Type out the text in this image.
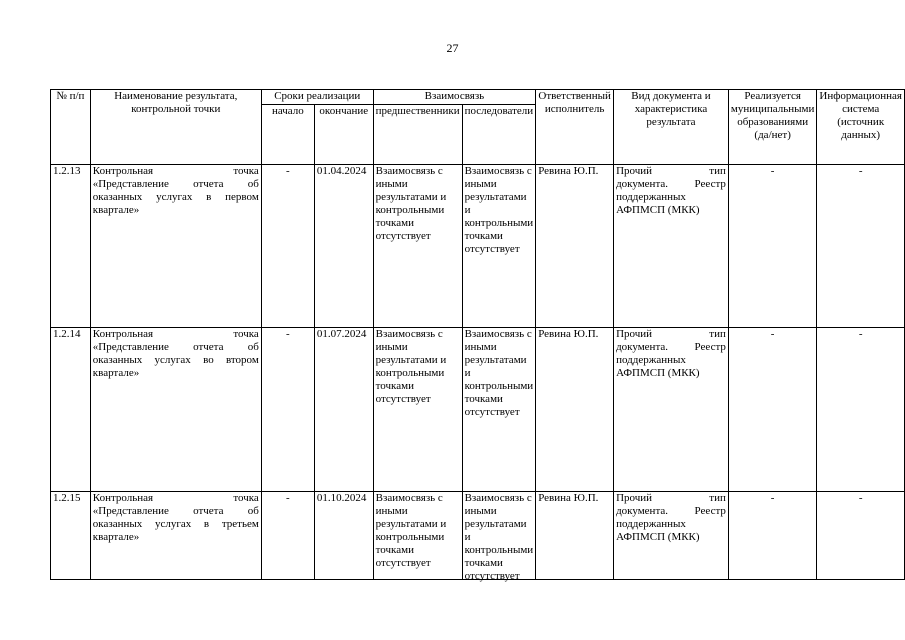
27
№ п/п	Наименование результата, контрольной точки	Сроки реализации		Взаимосвязь		Ответственный исполнитель	Вид документа и характеристика результата	Реализуется муниципальными образованиями (да/нет)	Информационная система (источник данных)
		начало	окончание	предшественники	последователи				

1.2.13	Контрольная точка «Представление отчета об оказанных услугах в первом квартале»	-	01.04.2024	Взаимосвязь с иными результатами и контрольными точками отсутствует	Взаимосвязь с иными результатами и контрольными точками отсутствует	Ревина Ю.П.	Прочий тип документа. Реестр поддержанных АФПМСП (МКК)	-	-
1.2.14	Контрольная точка «Представление отчета об оказанных услугах во втором квартале»	-	01.07.2024	Взаимосвязь с иными результатами и контрольными точками отсутствует	Взаимосвязь с иными результатами и контрольными точками отсутствует	Ревина Ю.П.	Прочий тип документа. Реестр поддержанных АФПМСП (МКК)	-	-
1.2.15	Контрольная точка «Представление отчета об оказанных услугах в третьем квартале»	-	01.10.2024	Взаимосвязь с иными результатами и контрольными точками отсутствует	Взаимосвязь с иными результатами и контрольными точками отсутствует	Ревина Ю.П.	Прочий тип документа. Реестр поддержанных АФПМСП (МКК)	-	-
